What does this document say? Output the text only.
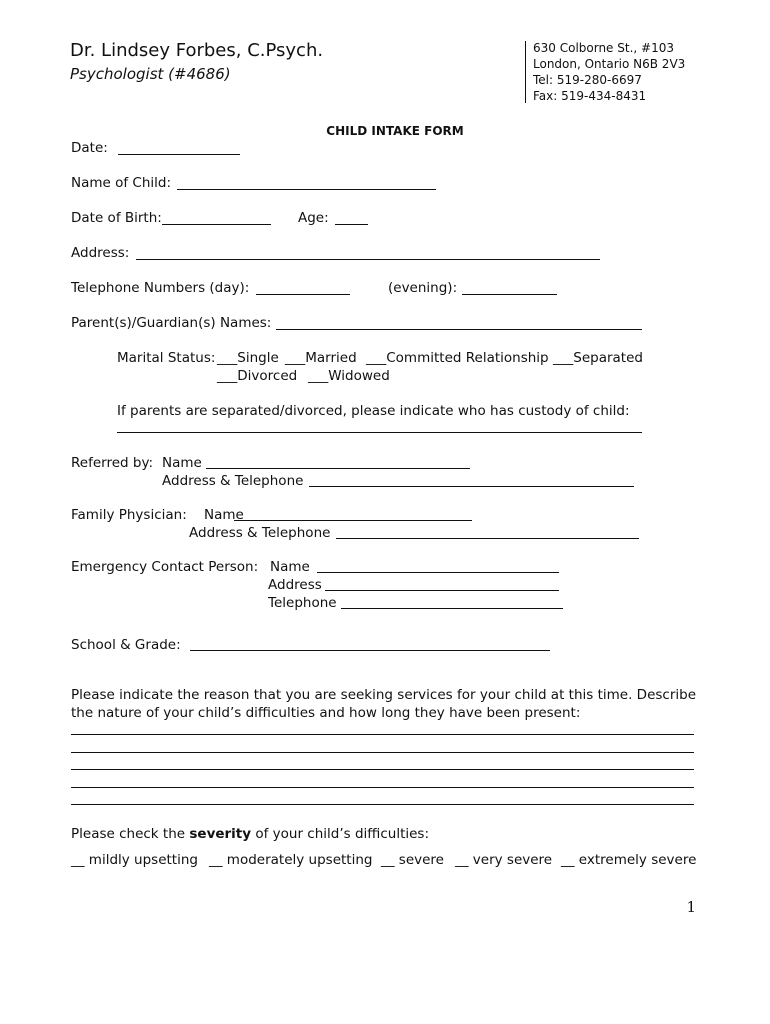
Dr. Lindsey Forbes, C.Psych.
Psychologist (#4686)
630 Colborne St., #103
London, Ontario N6B 2V3
Tel: 519-280-6697
Fax: 519-434-8431
CHILD INTAKE FORM
Date:
Name of Child:
Date of Birth:	Age:
Address:
Telephone Numbers (day):	(evening):
Parent(s)/Guardian(s) Names:
Marital Status: ___Single ___Married ___Committed Relationship ___Separated
___Divorced ___Widowed
If parents are separated/divorced, please indicate who has custody of child:
Referred by: Name
Address & Telephone
Family Physician: Name
Address & Telephone
Emergency Contact Person: Name
Address
Telephone
School & Grade:
Please indicate the reason that you are seeking services for your child at this time. Describe
the nature of your child’s difficulties and how long they have been present:
Please check the severity of your child’s difficulties:
__ mildly upsetting __ moderately upsetting __ severe __ very severe __ extremely severe
1
